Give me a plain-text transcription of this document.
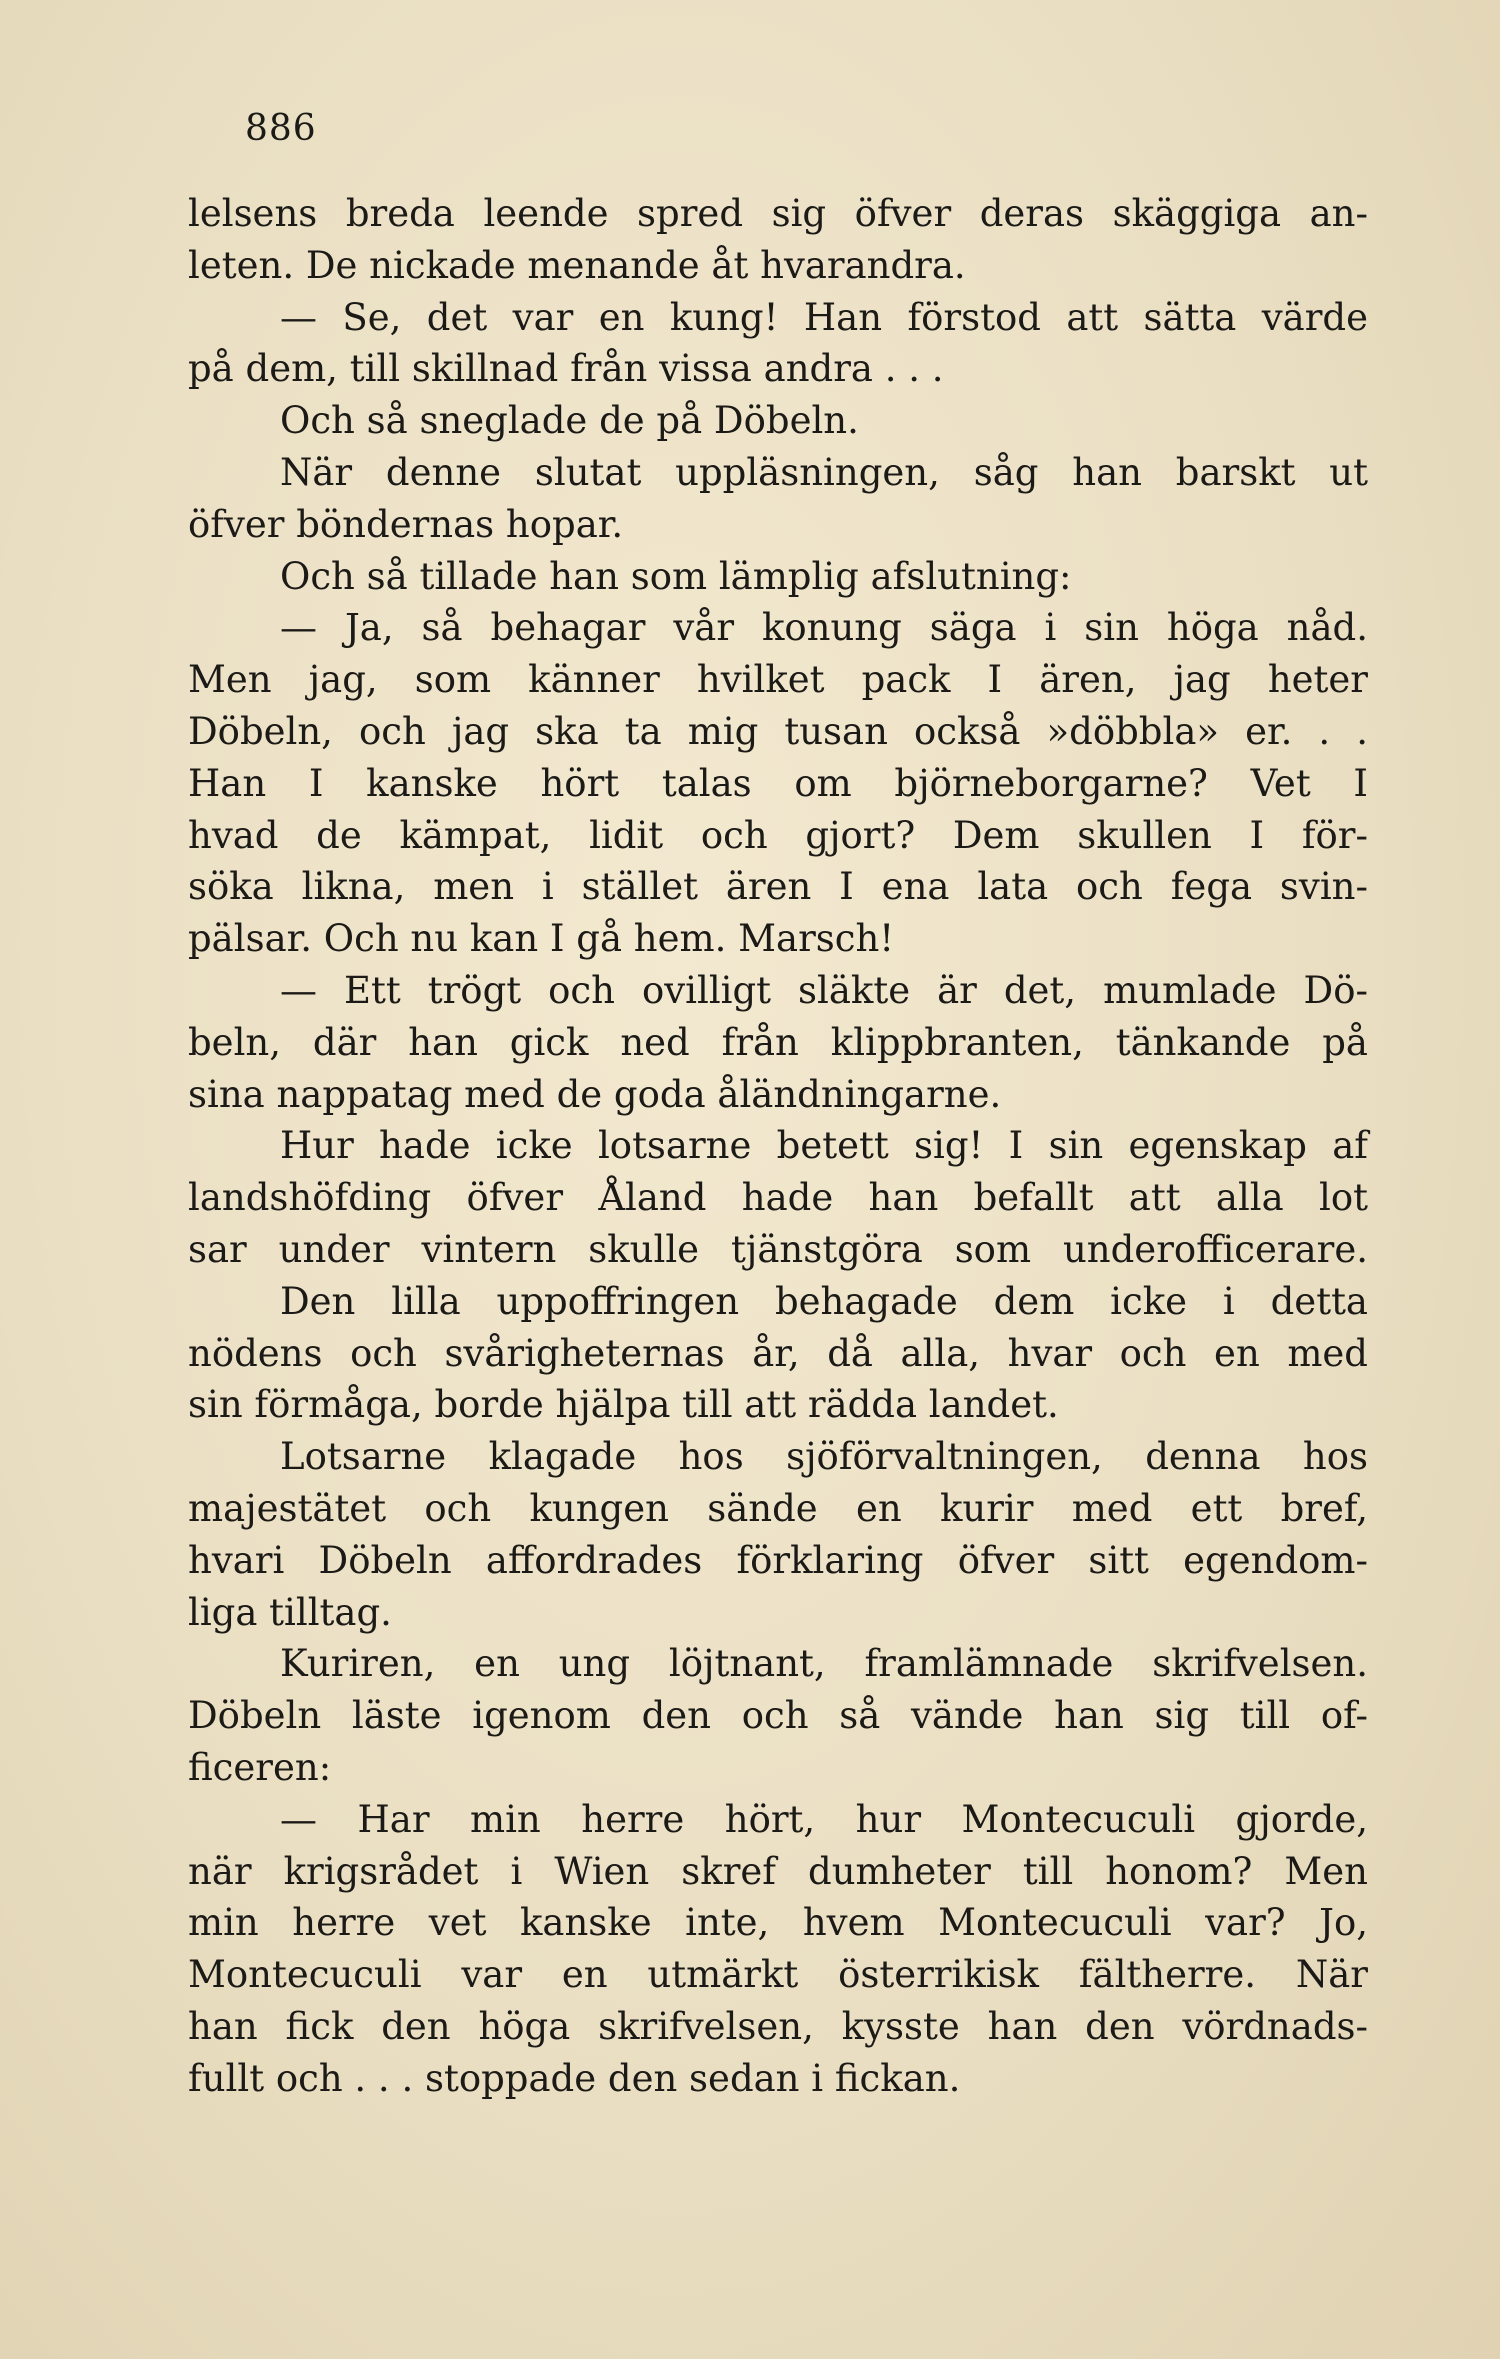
886
lelsens breda leende spred sig öfver deras skäggiga an-
leten. De nickade menande åt hvarandra.
— Se, det var en kung! Han förstod att sätta värde
på dem, till skillnad från vissa andra . . .
Och så sneglade de på Döbeln.
När denne slutat uppläsningen, såg han barskt ut
öfver böndernas hopar.
Och så tillade han som lämplig afslutning:
— Ja, så behagar vår konung säga i sin höga nåd.
Men jag, som känner hvilket pack I ären, jag heter
Döbeln, och jag ska ta mig tusan också »döbbla» er. . .
Han I kanske hört talas om björneborgarne? Vet I
hvad de kämpat, lidit och gjort? Dem skullen I för-
söka likna, men i stället ären I ena lata och fega svin-
pälsar. Och nu kan I gå hem. Marsch!
— Ett trögt och ovilligt släkte är det, mumlade Dö-
beln, där han gick ned från klippbranten, tänkande på
sina nappatag med de goda åländningarne.
Hur hade icke lotsarne betett sig! I sin egenskap af
landshöfding öfver Åland hade han befallt att alla lot
sar under vintern skulle tjänstgöra som underofficerare.
Den lilla uppoffringen behagade dem icke i detta
nödens och svårigheternas år, då alla, hvar och en med
sin förmåga, borde hjälpa till att rädda landet.
Lotsarne klagade hos sjöförvaltningen, denna hos
majestätet och kungen sände en kurir med ett bref,
hvari Döbeln affordrades förklaring öfver sitt egendom-
liga tilltag.
Kuriren, en ung löjtnant, framlämnade skrifvelsen.
Döbeln läste igenom den och så vände han sig till of-
ficeren:
— Har min herre hört, hur Montecuculi gjorde,
när krigsrådet i Wien skref dumheter till honom? Men
min herre vet kanske inte, hvem Montecuculi var? Jo,
Montecuculi var en utmärkt österrikisk fältherre. När
han fick den höga skrifvelsen, kysste han den vördnads-
fullt och . . . stoppade den sedan i fickan.
